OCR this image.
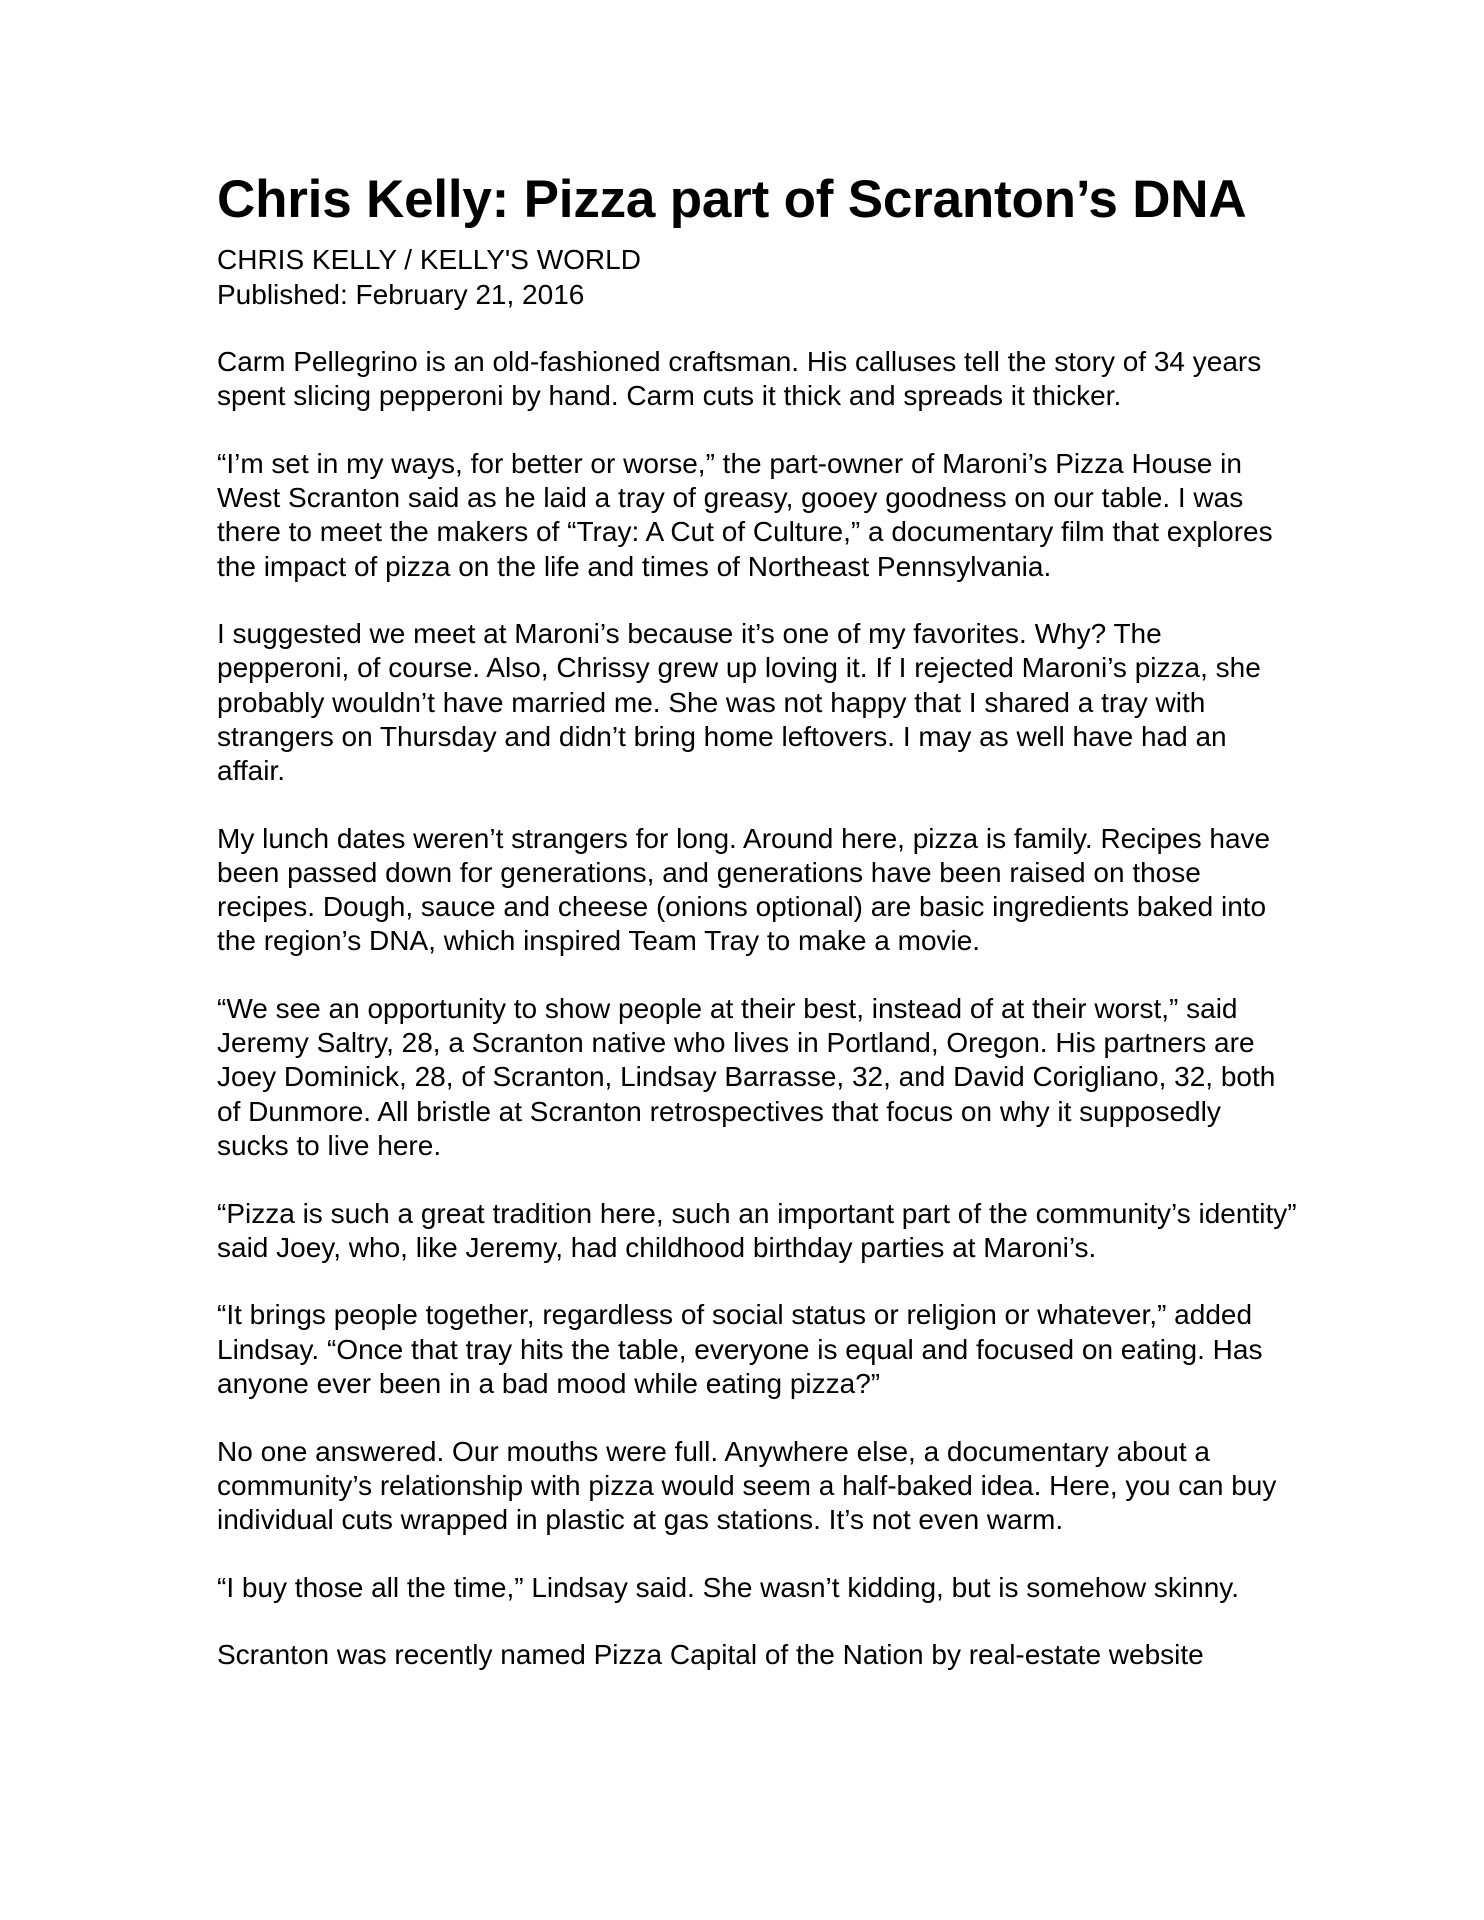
Chris Kelly: Pizza part of Scranton’s DNA
CHRIS KELLY / KELLY'S WORLD
Published: February 21, 2016

Carm Pellegrino is an old-fashioned craftsman. His calluses tell the story of 34 years spent slicing pepperoni by hand. Carm cuts it thick and spreads it thicker.

“I’m set in my ways, for better or worse,” the part-owner of Maroni’s Pizza House in West Scranton said as he laid a tray of greasy, gooey goodness on our table. I was there to meet the makers of “Tray: A Cut of Culture,” a documentary film that explores the impact of pizza on the life and times of Northeast Pennsylvania.

I suggested we meet at Maroni’s because it’s one of my favorites. Why? The pepperoni, of course. Also, Chrissy grew up loving it. If I rejected Maroni’s pizza, she probably wouldn’t have married me. She was not happy that I shared a tray with strangers on Thursday and didn’t bring home leftovers. I may as well have had an affair.

My lunch dates weren’t strangers for long. Around here, pizza is family. Recipes have been passed down for generations, and generations have been raised on those recipes. Dough, sauce and cheese (onions optional) are basic ingredients baked into the region’s DNA, which inspired Team Tray to make a movie.

“We see an opportunity to show people at their best, instead of at their worst,” said Jeremy Saltry, 28, a Scranton native who lives in Portland, Oregon. His partners are Joey Dominick, 28, of Scranton, Lindsay Barrasse, 32, and David Corigliano, 32, both of Dunmore. All bristle at Scranton retrospectives that focus on why it supposedly sucks to live here.

“Pizza is such a great tradition here, such an important part of the community’s identity” said Joey, who, like Jeremy, had childhood birthday parties at Maroni’s.

“It brings people together, regardless of social status or religion or whatever,” added Lindsay. “Once that tray hits the table, everyone is equal and focused on eating. Has anyone ever been in a bad mood while eating pizza?”

No one answered. Our mouths were full. Anywhere else, a documentary about a community’s relationship with pizza would seem a half-baked idea. Here, you can buy individual cuts wrapped in plastic at gas stations. It’s not even warm.

“I buy those all the time,” Lindsay said. She wasn’t kidding, but is somehow skinny.

Scranton was recently named Pizza Capital of the Nation by real-estate website
